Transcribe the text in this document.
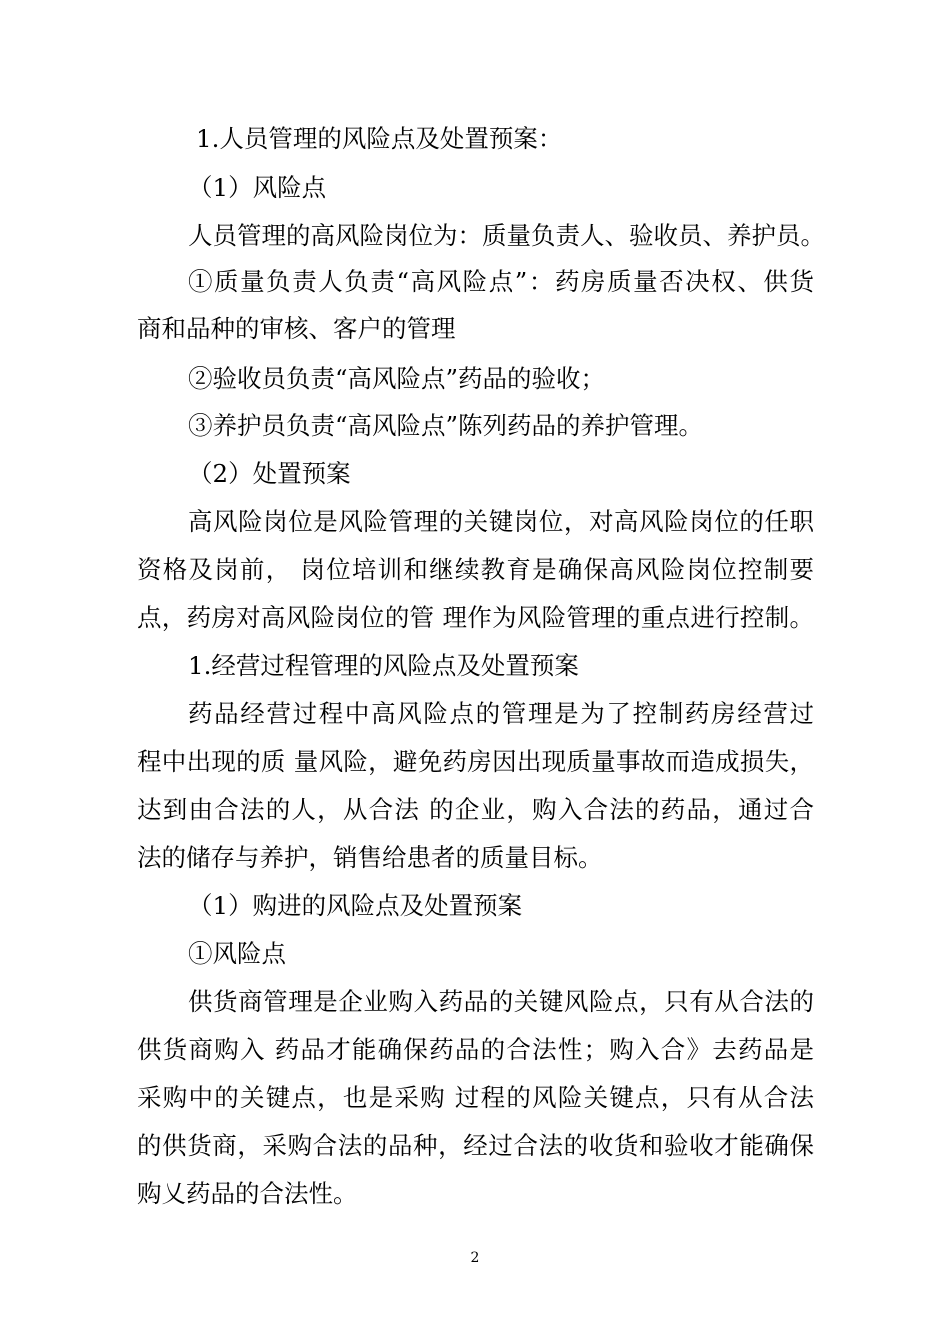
1.人员管理的风险点及处置预案：
（1）风险点
人员管理的高风险岗位为：质量负责人、验收员、养护员。
①质量负责人负责“高风险点”：药房质量否决权、供货
商和品种的审核、客户的管理
②验收员负责“高风险点”药品的验收；
③养护员负责“高风险点”陈列药品的养护管理。
（2）处置预案
高风险岗位是风险管理的关键岗位，对高风险岗位的任职
资格及岗前， 岗位培训和继续教育是确保高风险岗位控制要
点，药房对高风险岗位的管 理作为风险管理的重点进行控制。
1.经营过程管理的风险点及处置预案
药品经营过程中高风险点的管理是为了控制药房经营过
程中出现的质 量风险，避免药房因出现质量事故而造成损失，
达到由合法的人，从合法 的企业，购入合法的药品，通过合
法的储存与养护，销售给患者的质量目标。
（1）购进的风险点及处置预案
①风险点
供货商管理是企业购入药品的关键风险点，只有从合法的
供货商购入 药品才能确保药品的合法性；购入合》去药品是
采购中的关键点，也是采购 过程的风险关键点，只有从合法
的供货商，采购合法的品种，经过合法的收货和验收才能确保
购乂药品的合法性。
2
